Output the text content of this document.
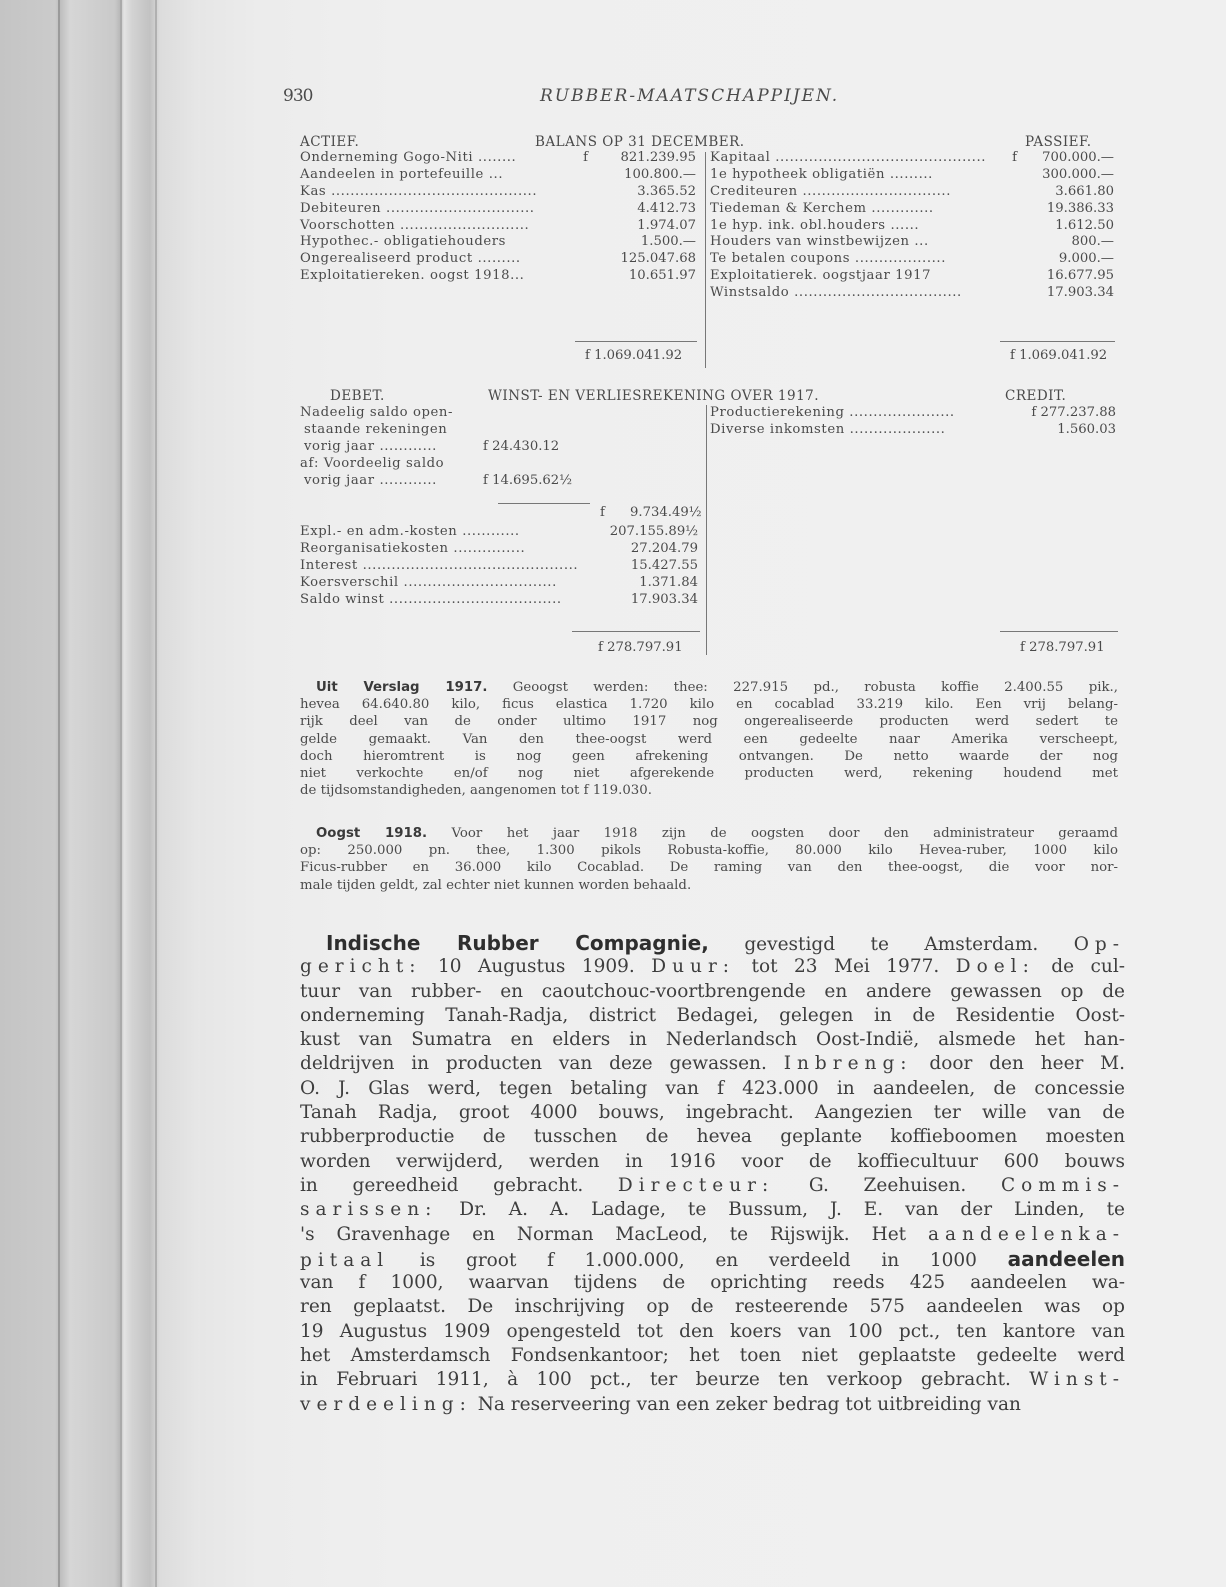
930	RUBBER-MAATSCHAPPIJEN.
ACTIEF.	BALANS OP 31 DECEMBER.	PASSIEF.
Onderneming Gogo-Niti ........	f 821.239.95
Aandeelen in portefeuille ...	100.800.—
Kas ...........................................	3.365.52
Debiteuren ...............................	4.412.73
Voorschotten ...........................	1.974.07
Hypothec.- obligatiehouders	1.500.—
Ongerealiseerd product .........	125.047.68
Exploitatiereken. oogst 1918...	10.651.97
f 1.069.041.92
Kapitaal ............................................ f 700.000.—
1e hypotheek obligatiën .........	300.000.—
Crediteuren ...............................	3.661.80
Tiedeman & Kerchem .............	19.386.33
1e hyp. ink. obl.houders ......	1.612.50
Houders van winstbewijzen ...	800.—
Te betalen coupons ...................	9.000.—
Exploitatierek. oogstjaar 1917	16.677.95
Winstsaldo ...................................	17.903.34
f 1.069.041.92
DEBET.	WINST- EN VERLIESREKENING OVER 1917.	CREDIT.
Nadeelig saldo open-
staande rekeningen
vorig jaar ............	f 24.430.12
af: Voordeelig saldo
vorig jaar ............	f 14.695.62½
f 9.734.49½
Expl.- en adm.-kosten ............	207.155.89½
Reorganisatiekosten ...............	27.204.79
Interest .............................................	15.427.55
Koersverschil ................................	1.371.84
Saldo winst ....................................	17.903.34
f 278.797.91
Productierekening ......................	f 277.237.88
Diverse inkomsten ....................	1.560.03
f 278.797.91
Uit Verslag 1917. Geoogst werden: thee: 227.915 pd., robusta koffie 2.400.55 pik.,
hevea 64.640.80 kilo, ficus elastica 1.720 kilo en cocablad 33.219 kilo. Een vrij belang-
rijk deel van de onder ultimo 1917 nog ongerealiseerde producten werd sedert te
gelde gemaakt. Van den thee-oogst werd een gedeelte naar Amerika verscheept,
doch hieromtrent is nog geen afrekening ontvangen. De netto waarde der nog
niet verkochte en/of nog niet afgerekende producten werd, rekening houdend met
de tijdsomstandigheden, aangenomen tot f 119.030.
Oogst 1918. Voor het jaar 1918 zijn de oogsten door den administrateur geraamd
op: 250.000 pn. thee, 1.300 pikols Robusta-koffie, 80.000 kilo Hevea-ruber, 1000 kilo
Ficus-rubber en 36.000 kilo Cocablad. De raming van den thee-oogst, die voor nor-
male tijden geldt, zal echter niet kunnen worden behaald.
Indische Rubber Compagnie, gevestigd te Amsterdam. Op-
gericht: 10 Augustus 1909. Duur: tot 23 Mei 1977. Doel: de cul-
tuur van rubber- en caoutchouc-voortbrengende en andere gewassen op de
onderneming Tanah-Radja, district Bedagei, gelegen in de Residentie Oost-
kust van Sumatra en elders in Nederlandsch Oost-Indië, alsmede het han-
deldrijven in producten van deze gewassen. Inbreng: door den heer M.
O. J. Glas werd, tegen betaling van f 423.000 in aandeelen, de concessie
Tanah Radja, groot 4000 bouws, ingebracht. Aangezien ter wille van de
rubberproductie de tusschen de hevea geplante koffieboomen moesten
worden verwijderd, werden in 1916 voor de koffiecultuur 600 bouws
in gereedheid gebracht. Directeur: G. Zeehuisen. Commis-
sarissen: Dr. A. A. Ladage, te Bussum, J. E. van der Linden, te
's Gravenhage en Norman MacLeod, te Rijswijk. Het aandeelenka-
pitaal is groot f 1.000.000, en verdeeld in 1000 aandeelen
van f 1000, waarvan tijdens de oprichting reeds 425 aandeelen wa-
ren geplaatst. De inschrijving op de resteerende 575 aandeelen was op
19 Augustus 1909 opengesteld tot den koers van 100 pct., ten kantore van
het Amsterdamsch Fondsenkantoor; het toen niet geplaatste gedeelte werd
in Februari 1911, à 100 pct., ter beurze ten verkoop gebracht. Winst-
verdeeling: Na reserveering van een zeker bedrag tot uitbreiding van
